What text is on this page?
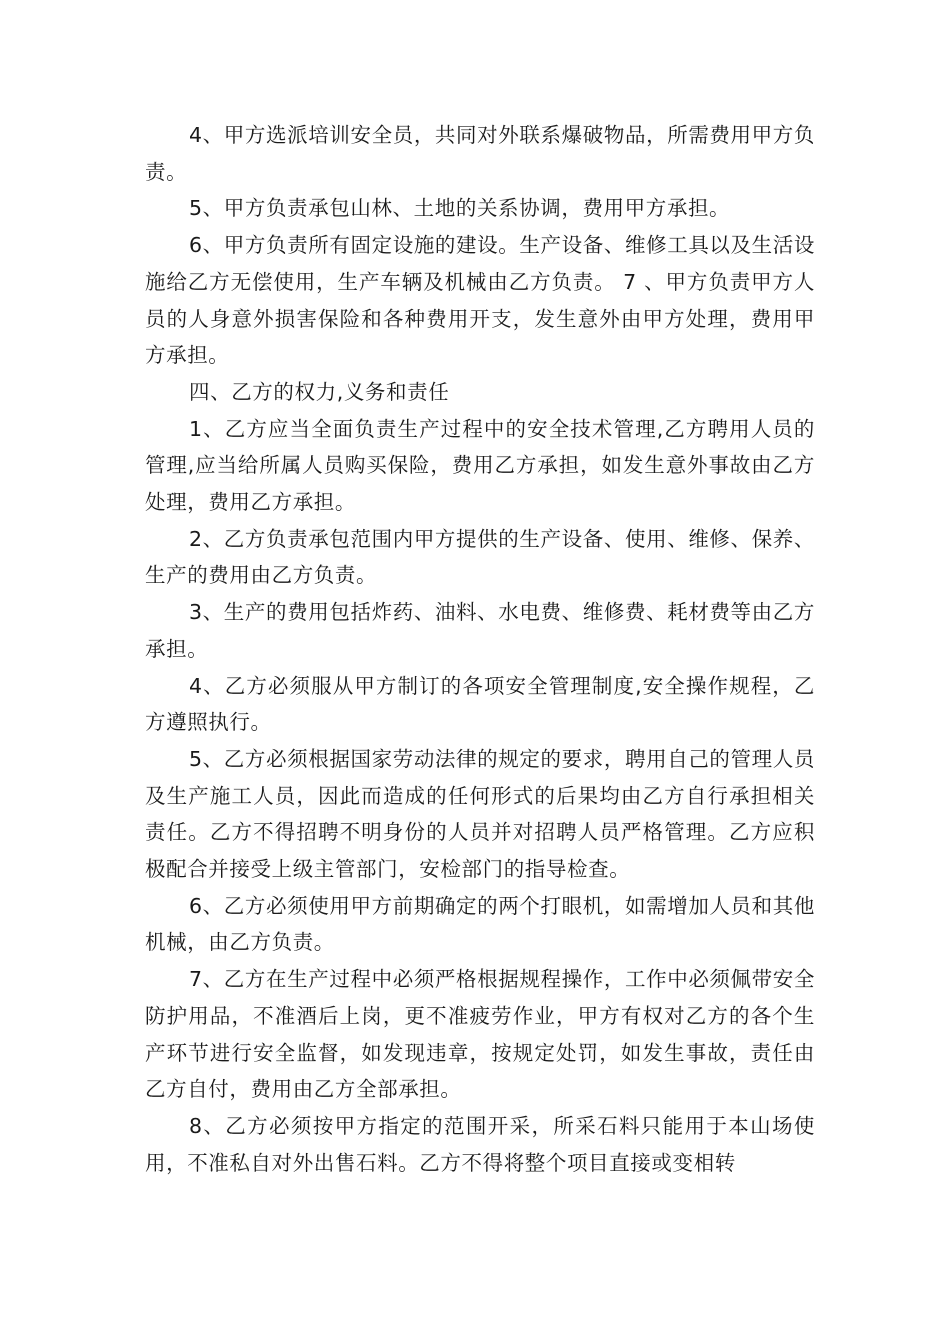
4、甲方选派培训安全员，共同对外联系爆破物品，所需费用甲方负责。

5、甲方负责承包山林、土地的关系协调，费用甲方承担。

6、甲方负责所有固定设施的建设。生产设备、维修工具以及生活设施给乙方无偿使用，生产车辆及机械由乙方负责。 7 、甲方负责甲方人员的人身意外损害保险和各种费用开支，发生意外由甲方处理，费用甲方承担。

四、乙方的权力,义务和责任

1、乙方应当全面负责生产过程中的安全技术管理,乙方聘用人员的管理,应当给所属人员购买保险，费用乙方承担，如发生意外事故由乙方处理，费用乙方承担。

2、乙方负责承包范围内甲方提供的生产设备、使用、维修、保养、生产的费用由乙方负责。

3、生产的费用包括炸药、油料、水电费、维修费、耗材费等由乙方承担。

4、乙方必须服从甲方制订的各项安全管理制度,安全操作规程，乙方遵照执行。

5、乙方必须根据国家劳动法律的规定的要求，聘用自己的管理人员及生产施工人员，因此而造成的任何形式的后果均由乙方自行承担相关责任。乙方不得招聘不明身份的人员并对招聘人员严格管理。乙方应积极配合并接受上级主管部门，安检部门的指导检查。

6、乙方必须使用甲方前期确定的两个打眼机，如需增加人员和其他机械，由乙方负责。

7、乙方在生产过程中必须严格根据规程操作，工作中必须佩带安全防护用品，不准酒后上岗，更不准疲劳作业，甲方有权对乙方的各个生产环节进行安全监督，如发现违章，按规定处罚，如发生事故，责任由乙方自付，费用由乙方全部承担。

8、乙方必须按甲方指定的范围开采，所采石料只能用于本山场使用，不准私自对外出售石料。乙方不得将整个项目直接或变相转
